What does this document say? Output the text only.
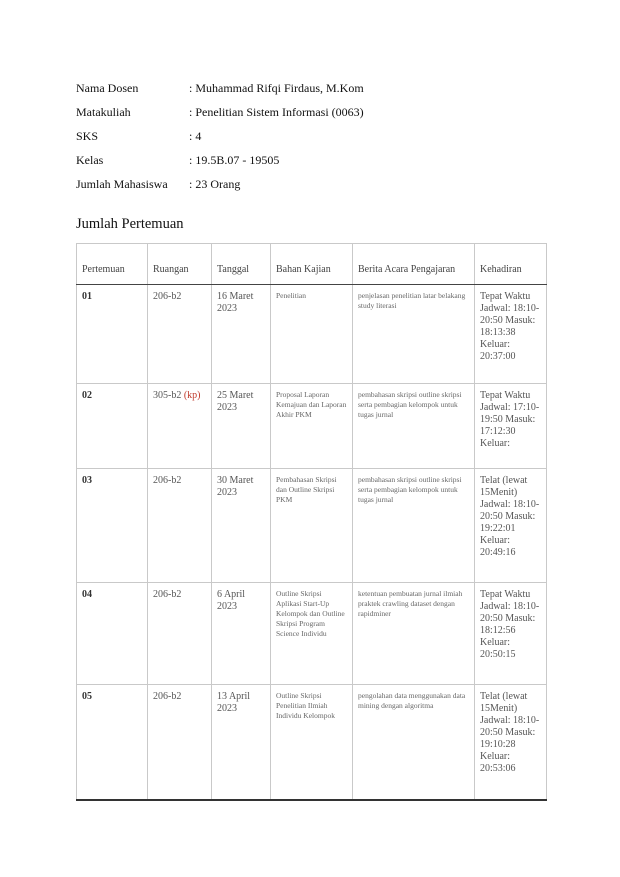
Nama Dosen	: Muhammad Rifqi Firdaus, M.Kom
Matakuliah	: Penelitian Sistem Informasi (0063)
SKS	: 4
Kelas	: 19.5B.07 - 19505
Jumlah Mahasiswa	: 23 Orang
Jumlah Pertemuan
Pertemuan	Ruangan	Tanggal	Bahan Kajian	Berita Acara Pengajaran	Kehadiran
01	206-b2	16 Maret 2023	Penelitian	penjelasan penelitian latar belakang study literasi	Tepat Waktu Jadwal: 18:10-20:50 Masuk: 18:13:38 Keluar: 20:37:00
02	305-b2 (kp)	25 Maret 2023	Proposal Laporan Kemajuan dan Laporan Akhir PKM	pembahasan skripsi outline skripsi serta pembagian kelompok untuk tugas jurnal	Tepat Waktu Jadwal: 17:10-19:50 Masuk: 17:12:30 Keluar:
03	206-b2	30 Maret 2023	Pembahasan Skripsi dan Outline Skripsi PKM	pembahasan skripsi outline skripsi serta pembagian kelompok untuk tugas jurnal	Telat (lewat 15Menit) Jadwal: 18:10-20:50 Masuk: 19:22:01 Keluar: 20:49:16
04	206-b2	6 April 2023	Outline Skripsi Aplikasi Start-Up Kelompok dan Outline Skripsi Program Science Individu	ketentuan pembuatan jurnal ilmiah praktek crawling dataset dengan rapidminer	Tepat Waktu Jadwal: 18:10-20:50 Masuk: 18:12:56 Keluar: 20:50:15
05	206-b2	13 April 2023	Outline Skripsi Penelitian Ilmiah Individu Kelompok	pengolahan data menggunakan data mining dengan algoritma	Telat (lewat 15Menit) Jadwal: 18:10-20:50 Masuk: 19:10:28 Keluar: 20:53:06
